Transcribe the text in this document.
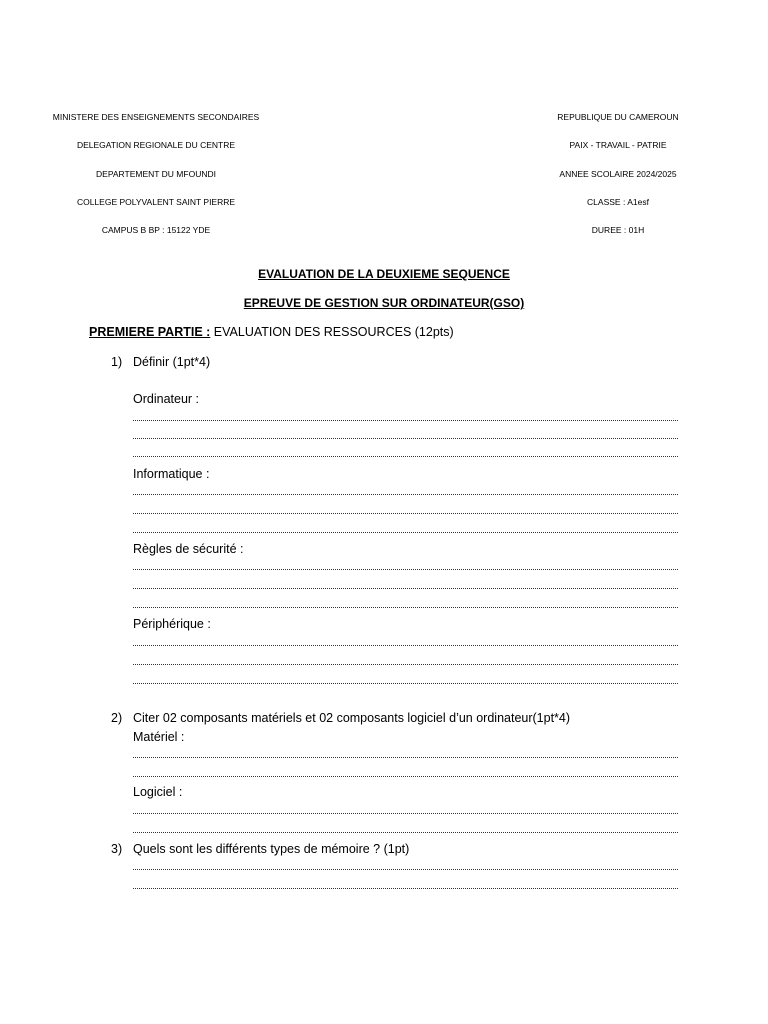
MINISTERE DES ENSEIGNEMENTS SECONDAIRES
DELEGATION REGIONALE DU CENTRE
DEPARTEMENT DU MFOUNDI
COLLEGE POLYVALENT SAINT PIERRE
CAMPUS B BP : 15122 YDE
REPUBLIQUE DU CAMEROUN
PAIX - TRAVAIL - PATRIE
ANNEE SCOLAIRE 2024/2025
CLASSE : A1esf
DUREE : 01H
EVALUATION DE LA DEUXIEME SEQUENCE
EPREUVE DE GESTION SUR ORDINATEUR(GSO)
PREMIERE PARTIE : EVALUATION DES RESSOURCES (12pts)
1) Définir (1pt*4)
Ordinateur :
Informatique :
Règles de sécurité :
Périphérique :
2) Citer 02 composants matériels et 02 composants logiciel d’un ordinateur(1pt*4)
Matériel :
Logiciel :
3) Quels sont les différents types de mémoire ? (1pt)
